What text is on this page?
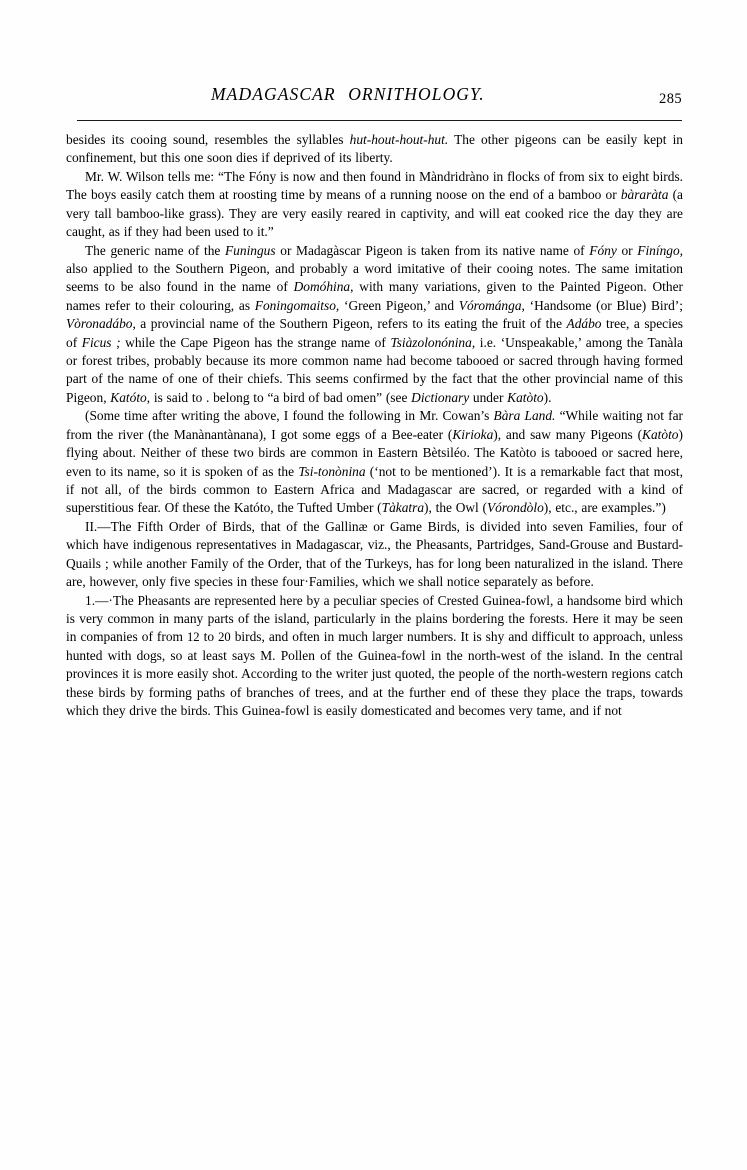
MADAGASCAR ORNITHOLOGY.	285

besides its cooing sound, resembles the syllables hut-hout-hout-hut. The other pigeons can be easily kept in confinement, but this one soon dies if deprived of its liberty.

Mr. W. Wilson tells me: “The Fóny is now and then found in Màndridràno in flocks of from six to eight birds. The boys easily catch them at roosting time by means of a running noose on the end of a bamboo or bàraràta (a very tall bamboo-like grass). They are very easily reared in captivity, and will eat cooked rice the day they are caught, as if they had been used to it.”

The generic name of the Funingus or Madagàscar Pigeon is taken from its native name of Fóny or Finíngo, also applied to the Southern Pigeon, and probably a word imitative of their cooing notes. The same imitation seems to be also found in the name of Domóhina, with many variations, given to the Painted Pigeon. Other names refer to their colouring, as Foningomaitso, ‘Green Pigeon,’ and Vórománga, ‘Handsome (or Blue) Bird’; Vòronadábo, a provincial name of the Southern Pigeon, refers to its eating the fruit of the Adábo tree, a species of Ficus ; while the Cape Pigeon has the strange name of Tsiàzolonónina, i.e. ‘Unspeakable,’ among the Tanàla or forest tribes, probably because its more common name had become tabooed or sacred through having formed part of the name of one of their chiefs. This seems confirmed by the fact that the other provincial name of this Pigeon, Katóto, is said to . belong to “a bird of bad omen” (see Dictionary under Katòto).

(Some time after writing the above, I found the following in Mr. Cowan’s Bàra Land. “While waiting not far from the river (the Manànantànana), I got some eggs of a Bee-eater (Kirioka), and saw many Pigeons (Katòto) flying about. Neither of these two birds are common in Eastern Bètsiléo. The Katòto is tabooed or sacred here, even to its name, so it is spoken of as the Tsi-tonònina (‘not to be mentioned’). It is a remarkable fact that most, if not all, of the birds common to Eastern Africa and Madagascar are sacred, or regarded with a kind of superstitious fear. Of these the Katóto, the Tufted Umber (Tàkatra), the Owl (Vórondòlo), etc., are examples.”)

II.—The Fifth Order of Birds, that of the Gallinæ or Game Birds, is divided into seven Families, four of which have indigenous representatives in Madagascar, viz., the Pheasants, Partridges, Sand-Grouse and Bustard-Quails ; while another Family of the Order, that of the Turkeys, has for long been naturalized in the island. There are, however, only five species in these four·Families, which we shall notice separately as before.

1.—·The Pheasants are represented here by a peculiar species of Crested Guinea-fowl, a handsome bird which is very common in many parts of the island, particularly in the plains bordering the forests. Here it may be seen in companies of from 12 to 20 birds, and often in much larger numbers. It is shy and difficult to approach, unless hunted with dogs, so at least says M. Pollen of the Guinea-fowl in the north-west of the island. In the central provinces it is more easily shot. According to the writer just quoted, the people of the north-western regions catch these birds by forming paths of branches of trees, and at the further end of these they place the traps, towards which they drive the birds. This Guinea-fowl is easily domesticated and becomes very tame, and if not
